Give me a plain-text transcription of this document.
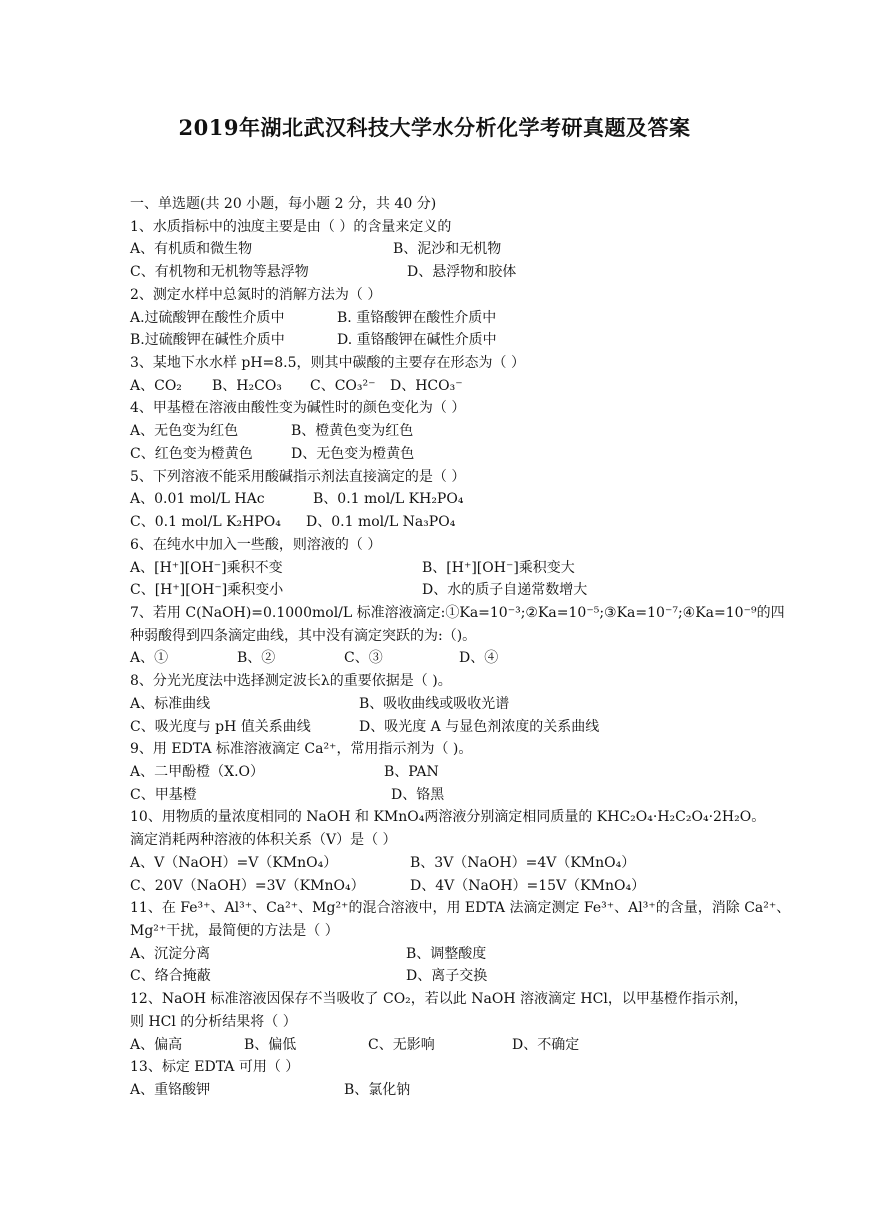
2019年湖北武汉科技大学水分析化学考研真题及答案
一、单选题(共 20 小题，每小题 2 分，共 40 分)
1、水质指标中的浊度主要是由（ ）的含量来定义的
A、有机质和微生物	B、泥沙和无机物
C、有机物和无机物等悬浮物	D、悬浮物和胶体
2、测定水样中总氮时的消解方法为（ ）
A.过硫酸钾在酸性介质中	B. 重铬酸钾在酸性介质中
B.过硫酸钾在碱性介质中	D. 重铬酸钾在碱性介质中
3、某地下水水样 pH=8.5，则其中碳酸的主要存在形态为（ ）
A、CO₂ B、H₂CO₃ C、CO₃²⁻ D、HCO₃⁻
4、甲基橙在溶液由酸性变为碱性时的颜色变化为（ ）
A、无色变为红色	B、橙黄色变为红色
C、红色变为橙黄色	D、无色变为橙黄色
5、下列溶液不能采用酸碱指示剂法直接滴定的是（ ）
A、0.01 mol/L HAc	B、0.1 mol/L KH₂PO₄
C、0.1 mol/L K₂HPO₄ D、0.1 mol/L Na₃PO₄
6、在纯水中加入一些酸，则溶液的（ ）
A、[H⁺][OH⁻]乘积不变	B、[H⁺][OH⁻]乘积变大
C、[H⁺][OH⁻]乘积变小	D、水的质子自递常数增大
7、若用 C(NaOH)=0.1000mol/L 标准溶液滴定:①Ka=10⁻³;②Ka=10⁻⁵;③Ka=10⁻⁷;④Ka=10⁻⁹的四
种弱酸得到四条滴定曲线，其中没有滴定突跃的为:（)。
A、①	B、②	C、③	D、④
8、分光光度法中选择测定波长λ的重要依据是（ )。
A、标准曲线	B、吸收曲线或吸收光谱
C、吸光度与 pH 值关系曲线	D、吸光度 A 与显色剂浓度的关系曲线
9、用 EDTA 标准溶液滴定 Ca²⁺，常用指示剂为（ )。
A、二甲酚橙（X.O）	B、PAN
C、甲基橙	D、铬黑
10、用物质的量浓度相同的 NaOH 和 KMnO₄两溶液分别滴定相同质量的 KHC₂O₄·H₂C₂O₄·2H₂O。
滴定消耗两种溶液的体积关系（V）是（ ）
A、V（NaOH）=V（KMnO₄）	B、3V（NaOH）=4V（KMnO₄）
C、20V（NaOH）=3V（KMnO₄）	D、4V（NaOH）=15V（KMnO₄）
11、在 Fe³⁺、Al³⁺、Ca²⁺、Mg²⁺的混合溶液中，用 EDTA 法滴定测定 Fe³⁺、Al³⁺的含量，消除 Ca²⁺、
Mg²⁺干扰，最简便的方法是（ ）
A、沉淀分离	B、调整酸度
C、络合掩蔽	D、离子交换
12、NaOH 标准溶液因保存不当吸收了 CO₂，若以此 NaOH 溶液滴定 HCl，以甲基橙作指示剂，
则 HCl 的分析结果将（ ）
A、偏高	B、偏低	C、无影响	D、不确定
13、标定 EDTA 可用（ ）
A、重铬酸钾	B、氯化钠
